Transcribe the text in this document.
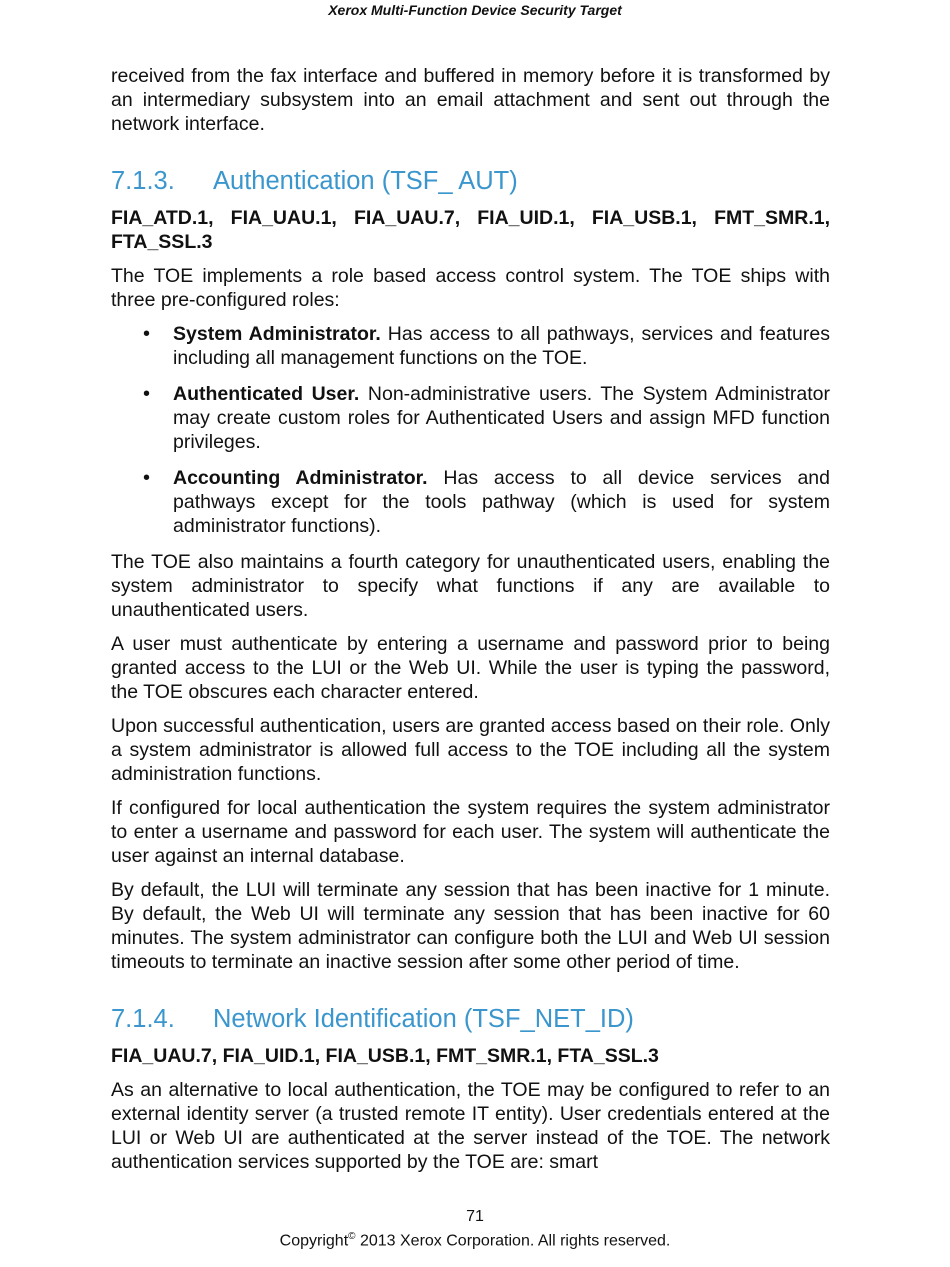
Xerox Multi-Function Device Security Target

received from the fax interface and buffered in memory before it is transformed by an intermediary subsystem into an email attachment and sent out through the network interface.

7.1.3. Authentication (TSF_ AUT)

FIA_ATD.1, FIA_UAU.1, FIA_UAU.7, FIA_UID.1, FIA_USB.1, FMT_SMR.1, FTA_SSL.3

The TOE implements a role based access control system. The TOE ships with three pre-configured roles:

• System Administrator. Has access to all pathways, services and features including all management functions on the TOE.
• Authenticated User. Non-administrative users. The System Administrator may create custom roles for Authenticated Users and assign MFD function privileges.
• Accounting Administrator. Has access to all device services and pathways except for the tools pathway (which is used for system administrator functions).

The TOE also maintains a fourth category for unauthenticated users, enabling the system administrator to specify what functions if any are available to unauthenticated users.

A user must authenticate by entering a username and password prior to being granted access to the LUI or the Web UI. While the user is typing the password, the TOE obscures each character entered.

Upon successful authentication, users are granted access based on their role. Only a system administrator is allowed full access to the TOE including all the system administration functions.

If configured for local authentication the system requires the system administrator to enter a username and password for each user. The system will authenticate the user against an internal database.

By default, the LUI will terminate any session that has been inactive for 1 minute. By default, the Web UI will terminate any session that has been inactive for 60 minutes. The system administrator can configure both the LUI and Web UI session timeouts to terminate an inactive session after some other period of time.

7.1.4. Network Identification (TSF_NET_ID)

FIA_UAU.7, FIA_UID.1, FIA_USB.1, FMT_SMR.1, FTA_SSL.3

As an alternative to local authentication, the TOE may be configured to refer to an external identity server (a trusted remote IT entity). User credentials entered at the LUI or Web UI are authenticated at the server instead of the TOE. The network authentication services supported by the TOE are: smart

71
Copyright© 2013 Xerox Corporation. All rights reserved.
